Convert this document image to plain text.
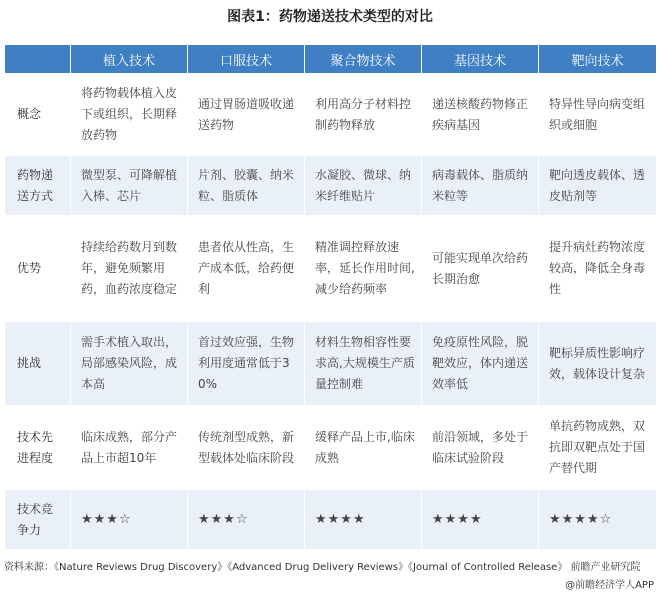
图表1：药物递送技术类型的对比
	植入技术	口服技术	聚合物技术	基因技术	靶向技术
概念	将药物载体植入皮下或组织，长期释放药物	通过胃肠道吸收递送药物	利用高分子材料控制药物释放	递送核酸药物修正疾病基因	特异性导向病变组织或细胞
药物递送方式	微型泵、可降解植入棒、芯片	片剂、胶囊、纳米粒、脂质体	水凝胶、微球、纳米纤维贴片	病毒载体、脂质纳米粒等	靶向透皮载体、透皮贴剂等
优势	持续给药数月到数年，避免频繁用药，血药浓度稳定	患者依从性高，生产成本低，给药便利	精准调控释放速率，延长作用时间,减少给药频率	可能实现单次给药长期治愈	提升病灶药物浓度较高，降低全身毒性
挑战	需手术植入取出，局部感染风险，成本高	首过效应强，生物利用度通常低于30%	材料生物相容性要求高,大规模生产质量控制难	免疫原性风险，脱靶效应，体内递送效率低	靶标异质性影响疗效，载体设计复杂
技术先进程度	临床成熟，部分产品上市超10年	传统剂型成熟，新型载体处临床阶段	缓释产品上市,临床成熟	前沿领域，多处于临床试验阶段	单抗药物成熟，双抗即双靶点处于国产替代期
技术竞争力	★★★☆	★★★☆	★★★★	★★★★	★★★★☆
资料来源：《Nature Reviews Drug Discovery》《Advanced Drug Delivery Reviews》《Journal of Controlled Release》 前瞻产业研究院
@前瞻经济学人APP
